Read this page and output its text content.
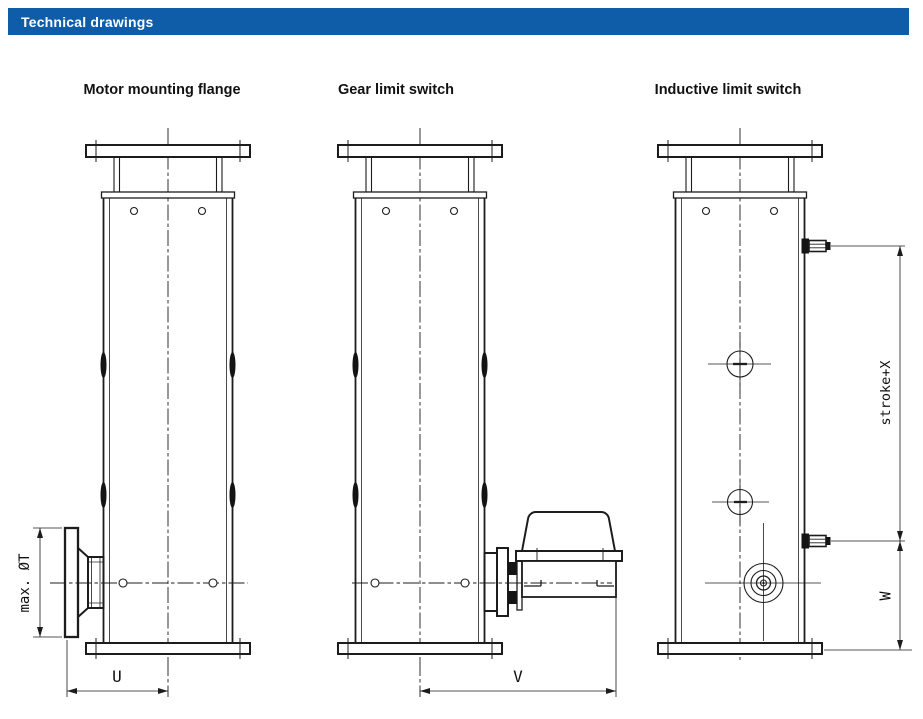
Technical drawings
Motor mounting flange	Gear limit switch	Inductive limit switch
max. ØT
U	V
stroke+X
W
